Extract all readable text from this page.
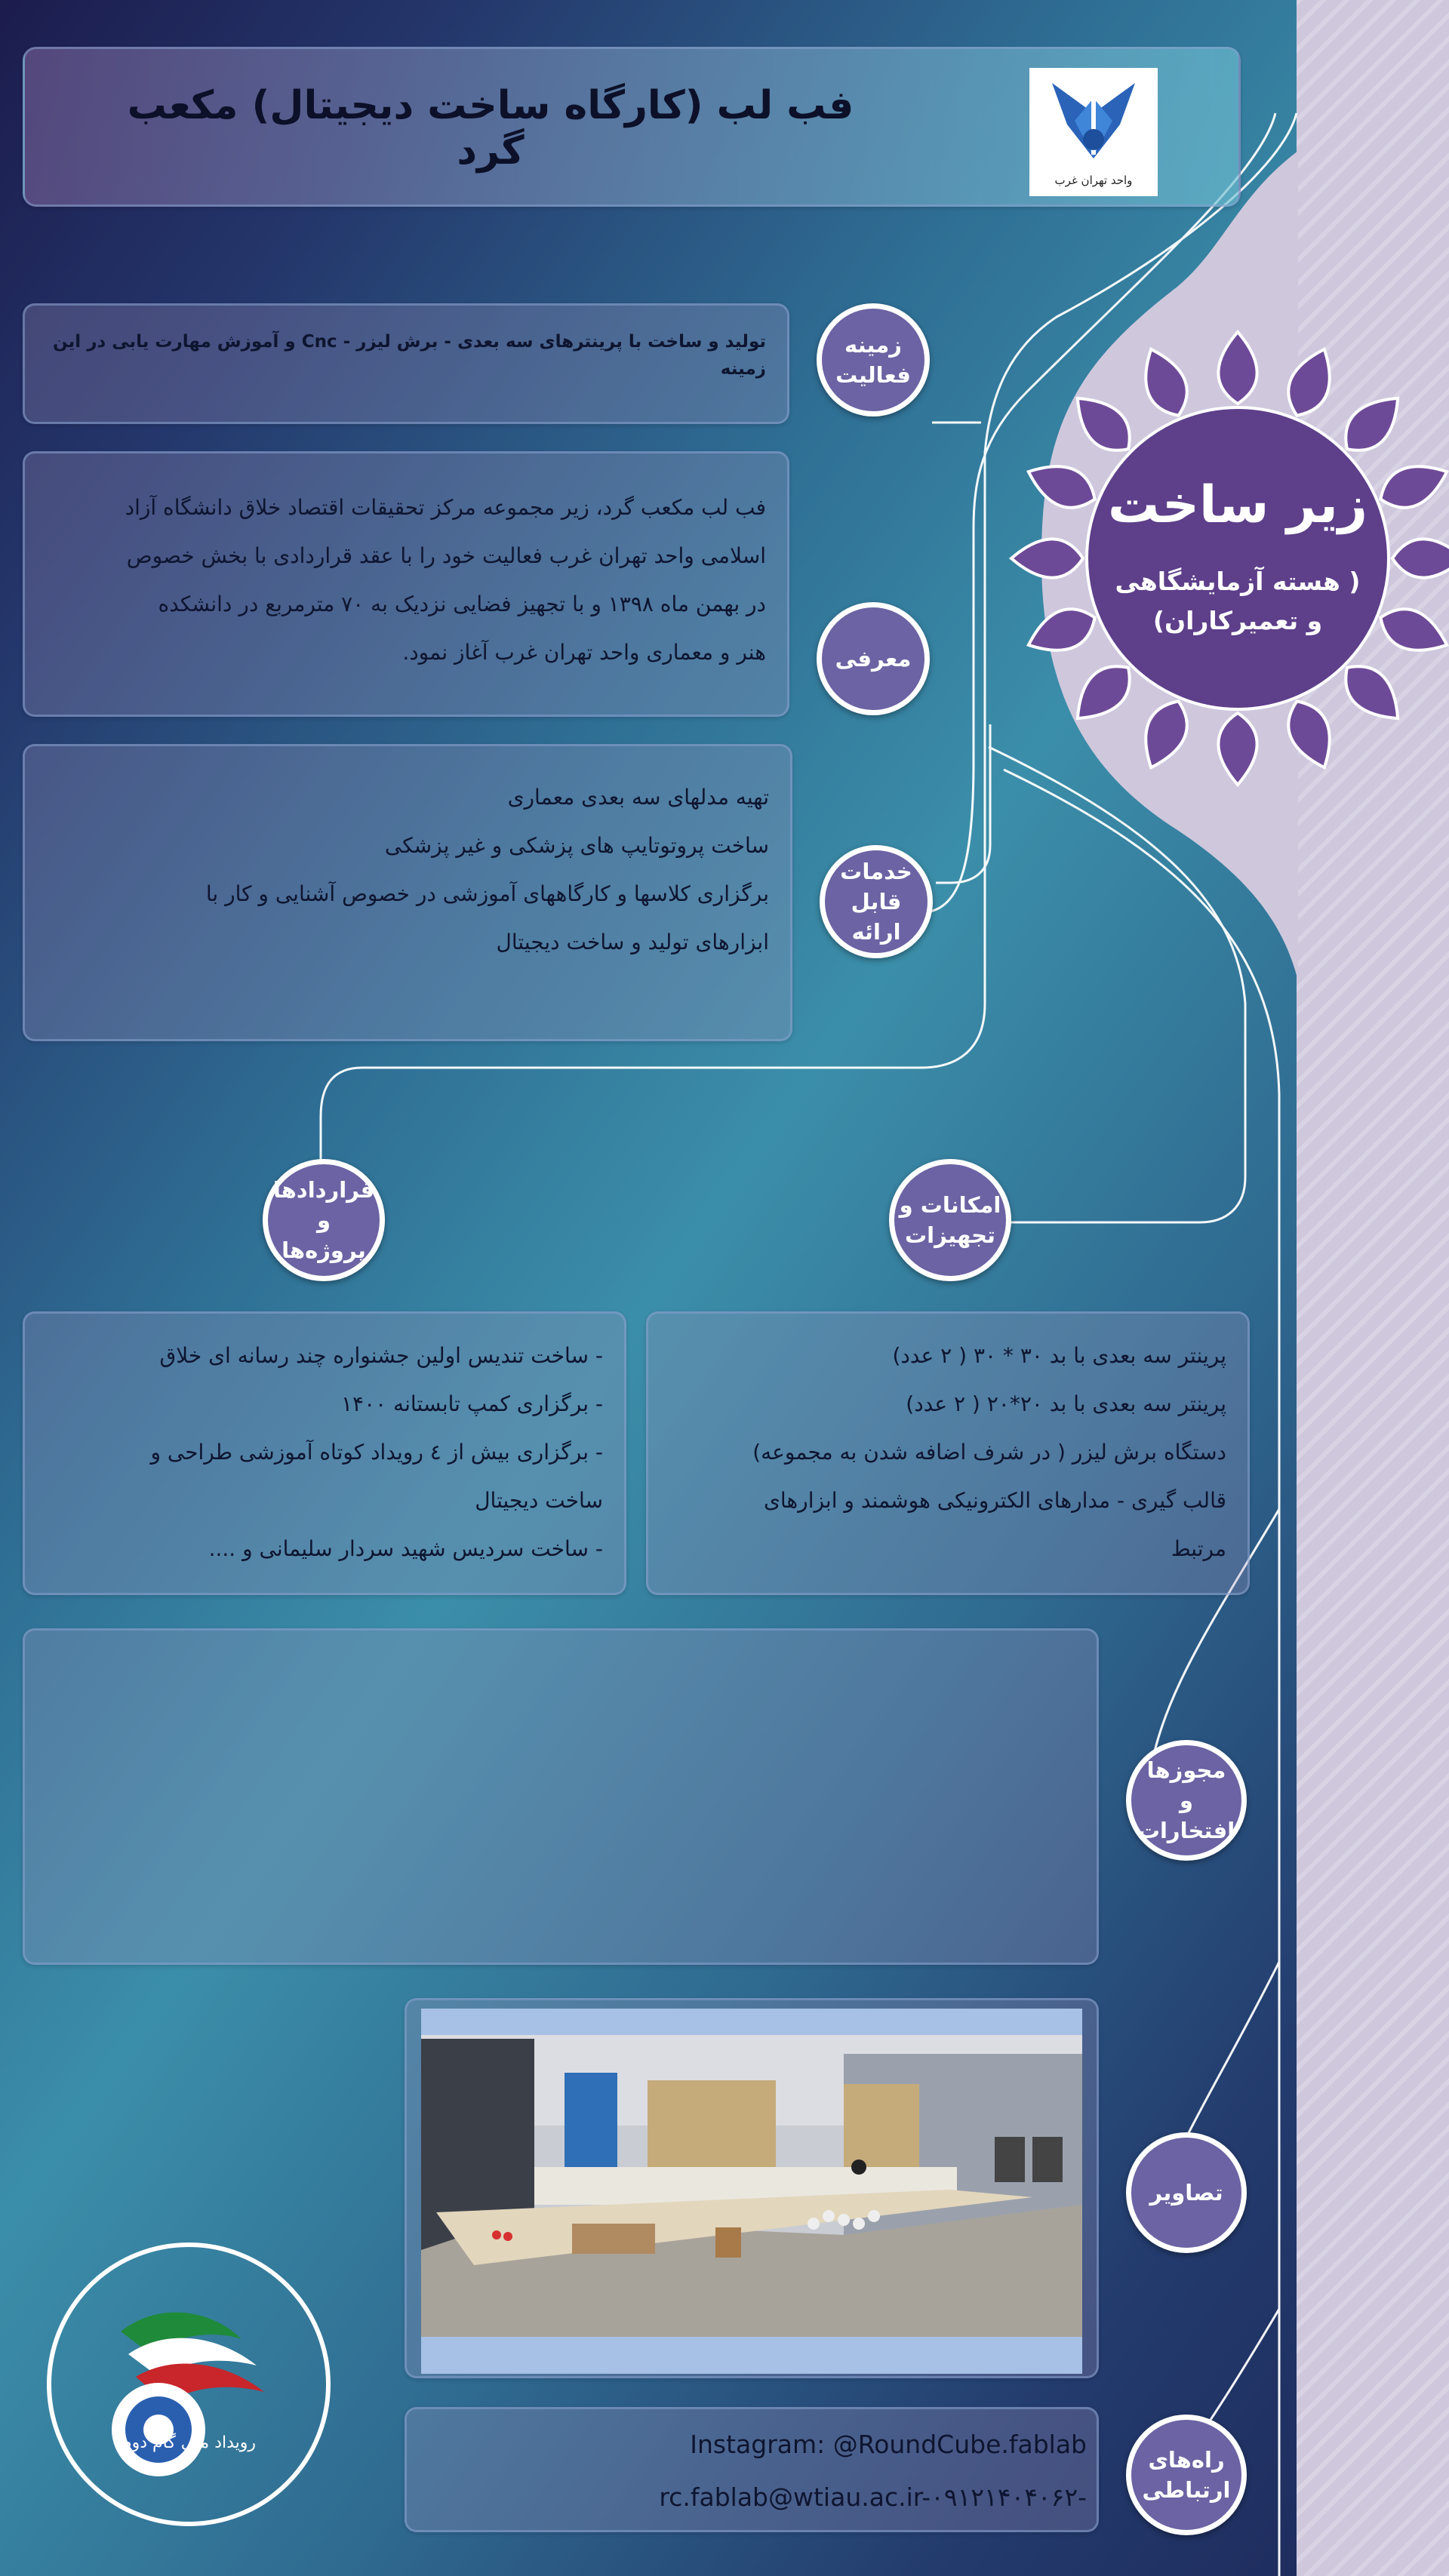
فب لب (کارگاه ساخت دیجیتال) مکعب گرد
واحد تهران غرب
زیر ساخت
( هسته آزمایشگاهی
و تعمیرکاران)
تولید و ساخت با پرینترهای سه بعدی - برش لیزر - Cnc و آموزش مهارت یابی در این زمینه
زمینه
فعالیت
فب لب مکعب گرد، زیر مجموعه مرکز تحقیقات اقتصاد خلاق دانشگاه آزاد
اسلامی واحد تهران غرب فعالیت خود را با عقد قراردادی با بخش خصوص
در بهمن ماه ۱۳۹۸ و با تجهیز فضایی نزدیک به ۷۰ مترمربع در دانشکده
هنر و معماری واحد تهران غرب آغاز نمود.	معرفی
تهیه مدلهای سه بعدی معماری
ساخت پروتوتایپ های پزشکی و غیر پزشکی
برگزاری کلاسها و کارگاههای آموزشی در خصوص آشنایی و کار با
ابزارهای تولید و ساخت دیجیتال
خدمات
قابل ارائه
قراردادها و
پروژه‌ها
امکانات و
تجهیزات
- ساخت تندیس اولین جشنواره چند رسانه ای خلاق
- برگزاری کمپ تابستانه ۱۴۰۰
- برگزاری بیش از ٤ رویداد کوتاه آموزشی طراحی و
ساخت دیجیتال
- ساخت سردیس شهید سردار سلیمانی و ....
پرینتر سه بعدی با بد ۳۰ * ۳۰ ( ۲ عدد)
پرینتر سه بعدی با بد ۲۰*۲۰ ( ۲ عدد)
دستگاه برش لیزر ( در شرف اضافه شدن به مجموعه)
قالب گیری - مدارهای الکترونیکی هوشمند و ابزارهای
مرتبط
مجوزها
و افتخارات
تصاویر
Instagram: @RoundCube.fablab
rc.fablab@wtiau.ac.ir-۰۹۱۲۱۴۰۴۰۶۲-
راه‌های
ارتباطی
رویداد ملی گام دوم
